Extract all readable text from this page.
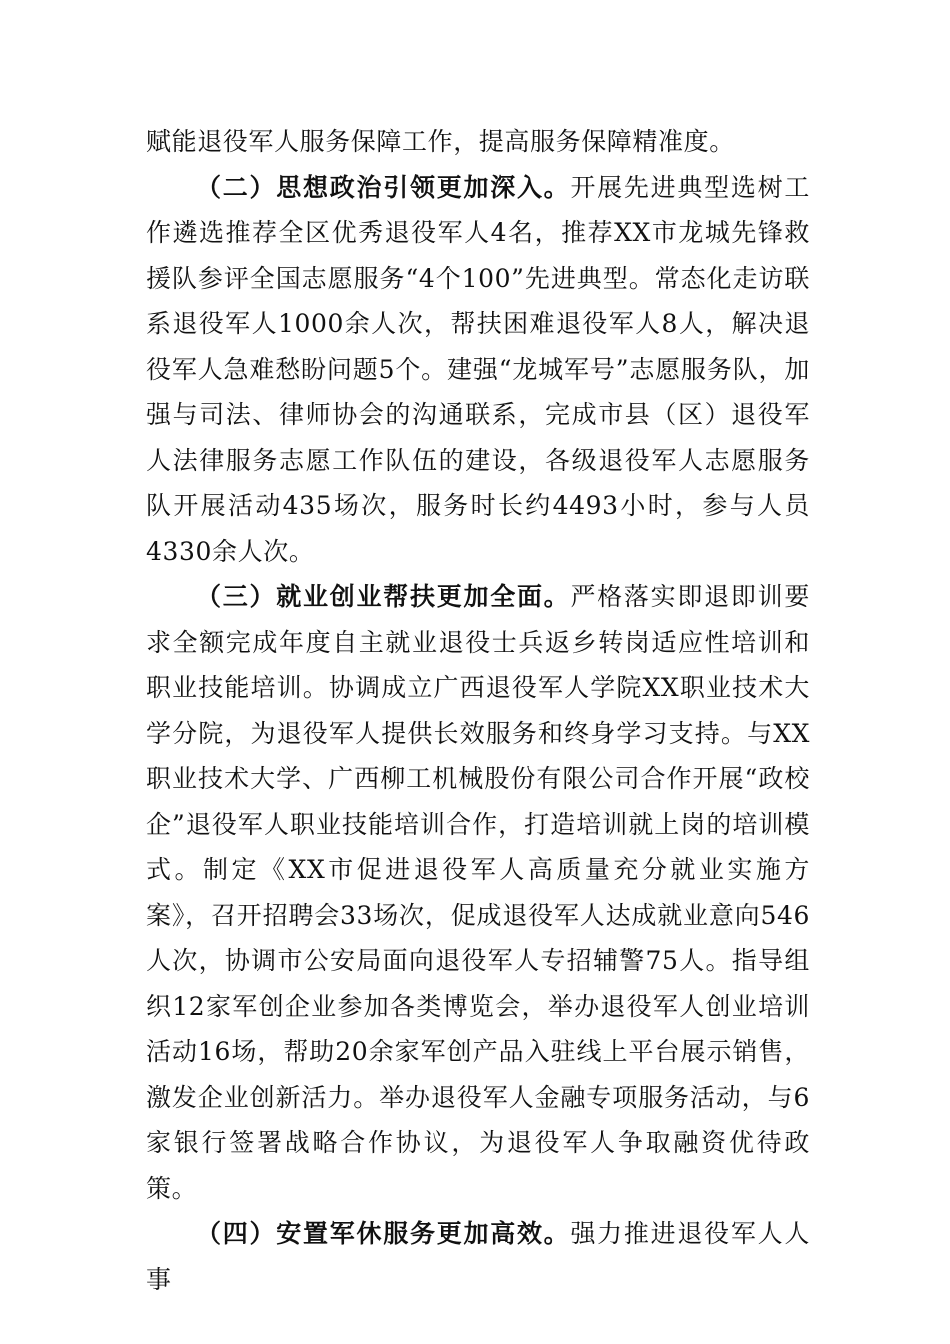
赋能退役军人服务保障工作，提高服务保障精准度。

（二）思想政治引领更加深入。开展先进典型选树工作遴选推荐全区优秀退役军人4名，推荐XX市龙城先锋救援队参评全国志愿服务“4个100”先进典型。常态化走访联系退役军人1000余人次，帮扶困难退役军人8人，解决退役军人急难愁盼问题5个。建强“龙城军号”志愿服务队，加强与司法、律师协会的沟通联系，完成市县（区）退役军人法律服务志愿工作队伍的建设，各级退役军人志愿服务队开展活动435场次，服务时长约4493小时，参与人员4330余人次。

（三）就业创业帮扶更加全面。严格落实即退即训要求全额完成年度自主就业退役士兵返乡转岗适应性培训和职业技能培训。协调成立广西退役军人学院XX职业技术大学分院，为退役军人提供长效服务和终身学习支持。与XX职业技术大学、广西柳工机械股份有限公司合作开展“政校企”退役军人职业技能培训合作，打造培训就上岗的培训模式。制定《XX市促进退役军人高质量充分就业实施方案》，召开招聘会33场次，促成退役军人达成就业意向546人次，协调市公安局面向退役军人专招辅警75人。指导组织12家军创企业参加各类博览会，举办退役军人创业培训活动16场，帮助20余家军创产品入驻线上平台展示销售，激发企业创新活力。举办退役军人金融专项服务活动，与6家银行签署战略合作协议，为退役军人争取融资优待政策。

（四）安置军休服务更加高效。强力推进退役军人人事
